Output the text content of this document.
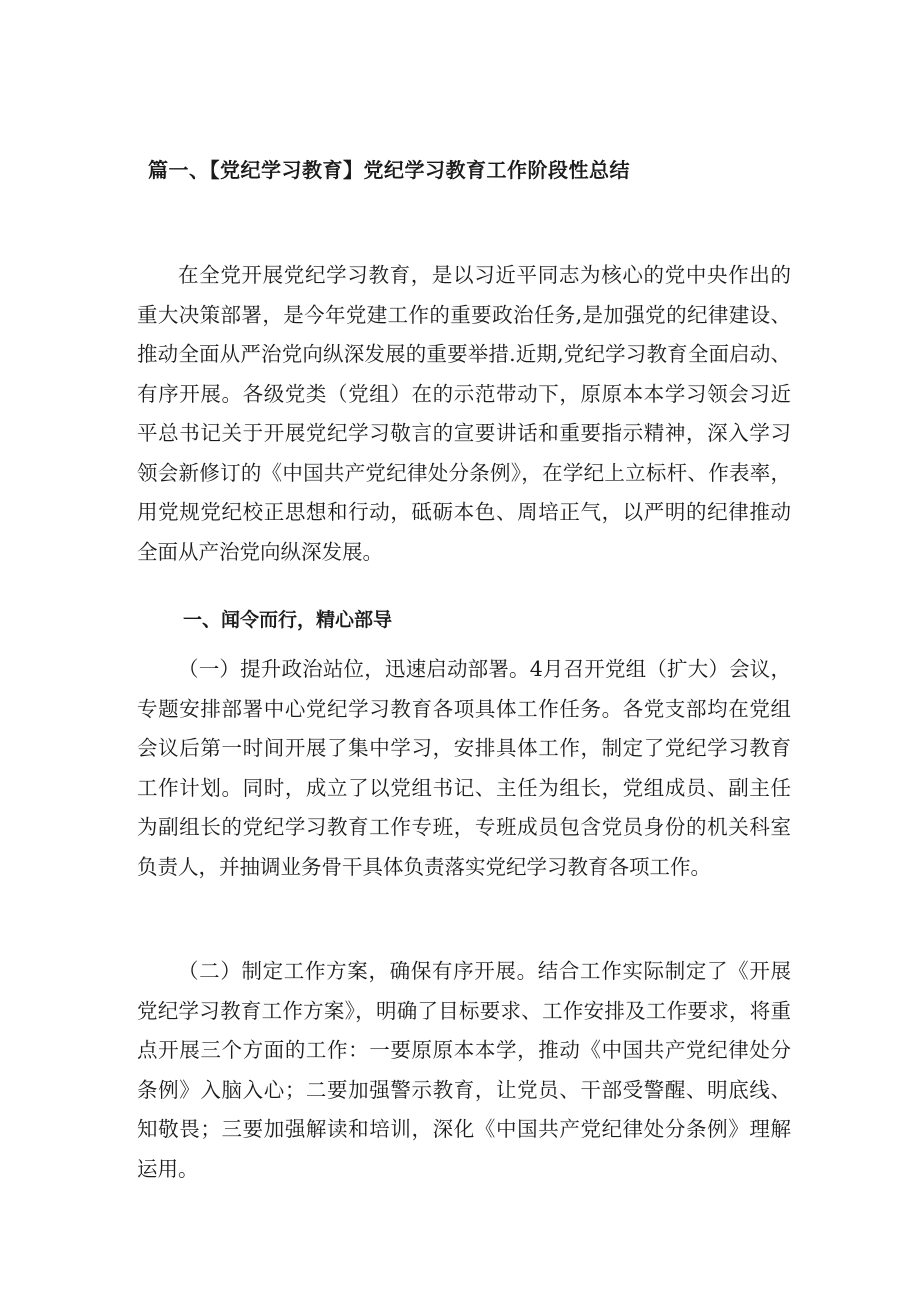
篇一、【党纪学习教育】党纪学习教育工作阶段性总结

在全党开展党纪学习教育，是以习近平同志为核心的党中央作出的重大决策部署，是今年党建工作的重要政治任务,是加强党的纪律建设、推动全面从严治党向纵深发展的重要举措.近期,党纪学习教育全面启动、有序开展。各级党类（党组）在的示范带动下，原原本本学习领会习近平总书记关于开展党纪学习敬言的宣要讲话和重要指示精神，深入学习领会新修订的《中国共产党纪律处分条例》，在学纪上立标杆、作表率，用党规党纪校正思想和行动，砥砺本色、周培正气，以严明的纪律推动全面从产治党向纵深发展。

一、闻令而行，精心部导

（一）提升政治站位，迅速启动部署。4月召开党组（扩大）会议，专题安排部署中心党纪学习教育各项具体工作任务。各党支部均在党组会议后第一时间开展了集中学习，安排具体工作，制定了党纪学习教育工作计划。同时，成立了以党组书记、主任为组长，党组成员、副主任为副组长的党纪学习教育工作专班，专班成员包含党员身份的机关科室负责人，并抽调业务骨干具体负责落实党纪学习教育各项工作。

（二）制定工作方案，确保有序开展。结合工作实际制定了《开展党纪学习教育工作方案》，明确了目标要求、工作安排及工作要求，将重点开展三个方面的工作：一要原原本本学，推动《中国共产党纪律处分条例》入脑入心；二要加强警示教育，让党员、干部受警醒、明底线、知敬畏；三要加强解读和培训，深化《中国共产党纪律处分条例》理解运用。
